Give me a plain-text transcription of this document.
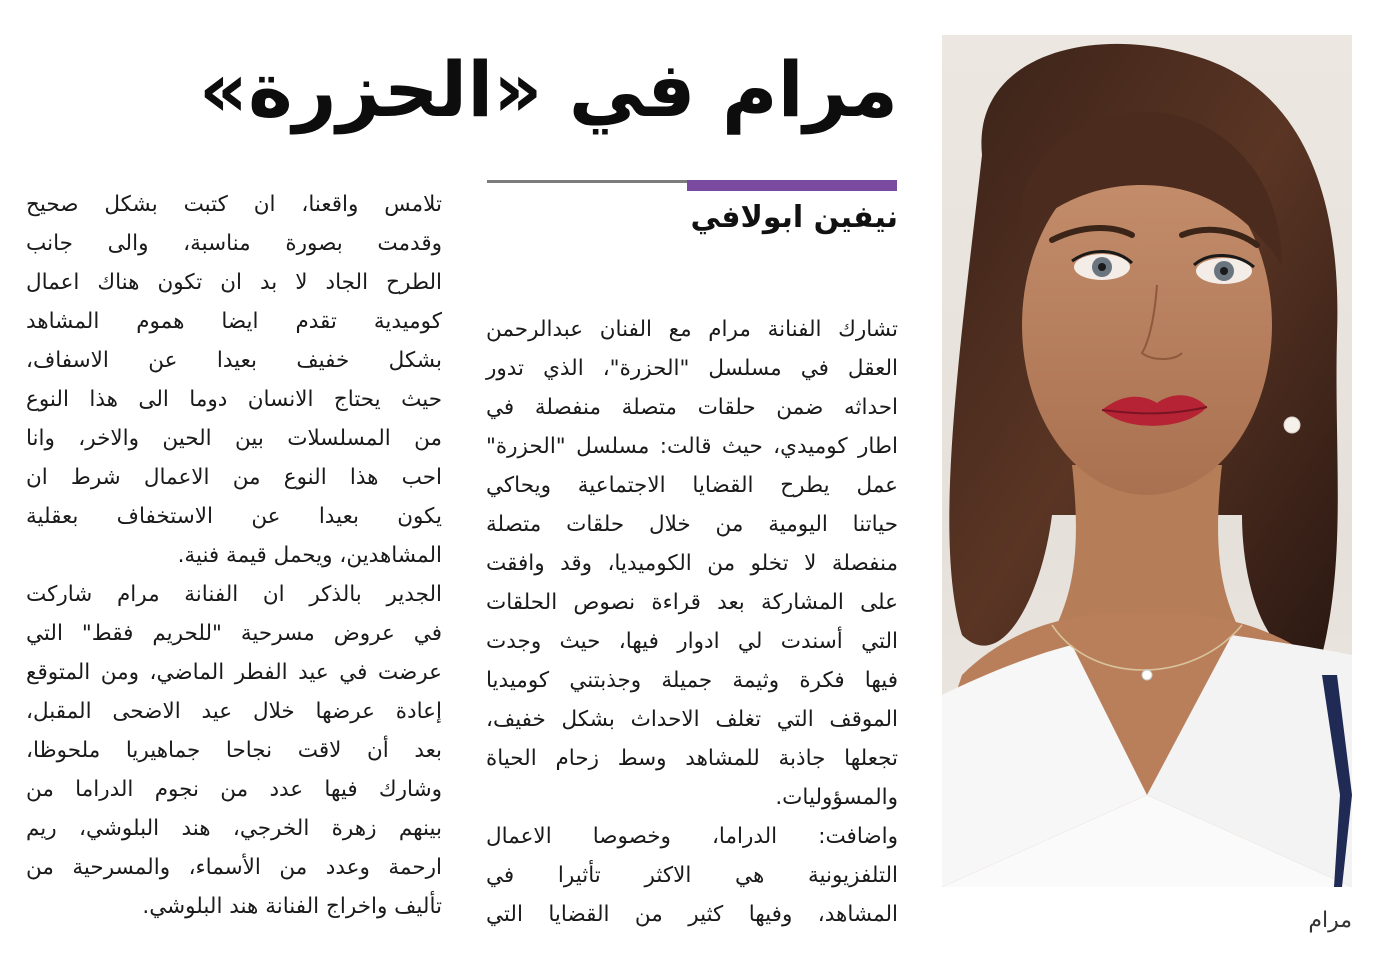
مرام
مرام في «الحزرة»
نيفين ابولافي
تشارك الفنانة مرام مع الفنان عبدالرحمن
العقل في مسلسل "الحزرة"، الذي تدور
احداثه ضمن حلقات متصلة منفصلة في
اطار كوميدي، حيث قالت: مسلسل "الحزرة"
عمل يطرح القضايا الاجتماعية ويحاكي
حياتنا اليومية من خلال حلقات متصلة
منفصلة لا تخلو من الكوميديا، وقد وافقت
على المشاركة بعد قراءة نصوص الحلقات
التي أسندت لي ادوار فيها، حيث وجدت
فيها فكرة وثيمة جميلة وجذبتني كوميديا
الموقف التي تغلف الاحداث بشكل خفيف،
تجعلها جاذبة للمشاهد وسط زحام الحياة
والمسؤوليات.
واضافت: الدراما، وخصوصا الاعمال
التلفزيونية هي الاكثر تأثيرا في
المشاهد، وفيها كثير من القضايا التي
تلامس واقعنا، ان كتبت بشكل صحيح
وقدمت بصورة مناسبة، والى جانب
الطرح الجاد لا بد ان تكون هناك اعمال
كوميدية تقدم ايضا هموم المشاهد
بشكل خفيف بعيدا عن الاسفاف،
حيث يحتاج الانسان دوما الى هذا النوع
من المسلسلات بين الحين والاخر، وانا
احب هذا النوع من الاعمال شرط ان
يكون بعيدا عن الاستخفاف بعقلية
المشاهدين، ويحمل قيمة فنية.
الجدير بالذكر ان الفنانة مرام شاركت
في عروض مسرحية "للحريم فقط" التي
عرضت في عيد الفطر الماضي، ومن المتوقع
إعادة عرضها خلال عيد الاضحى المقبل،
بعد أن لاقت نجاحا جماهيريا ملحوظا،
وشارك فيها عدد من نجوم الدراما من
بينهم زهرة الخرجي، هند البلوشي، ريم
ارحمة وعدد من الأسماء، والمسرحية من
تأليف واخراج الفنانة هند البلوشي.
